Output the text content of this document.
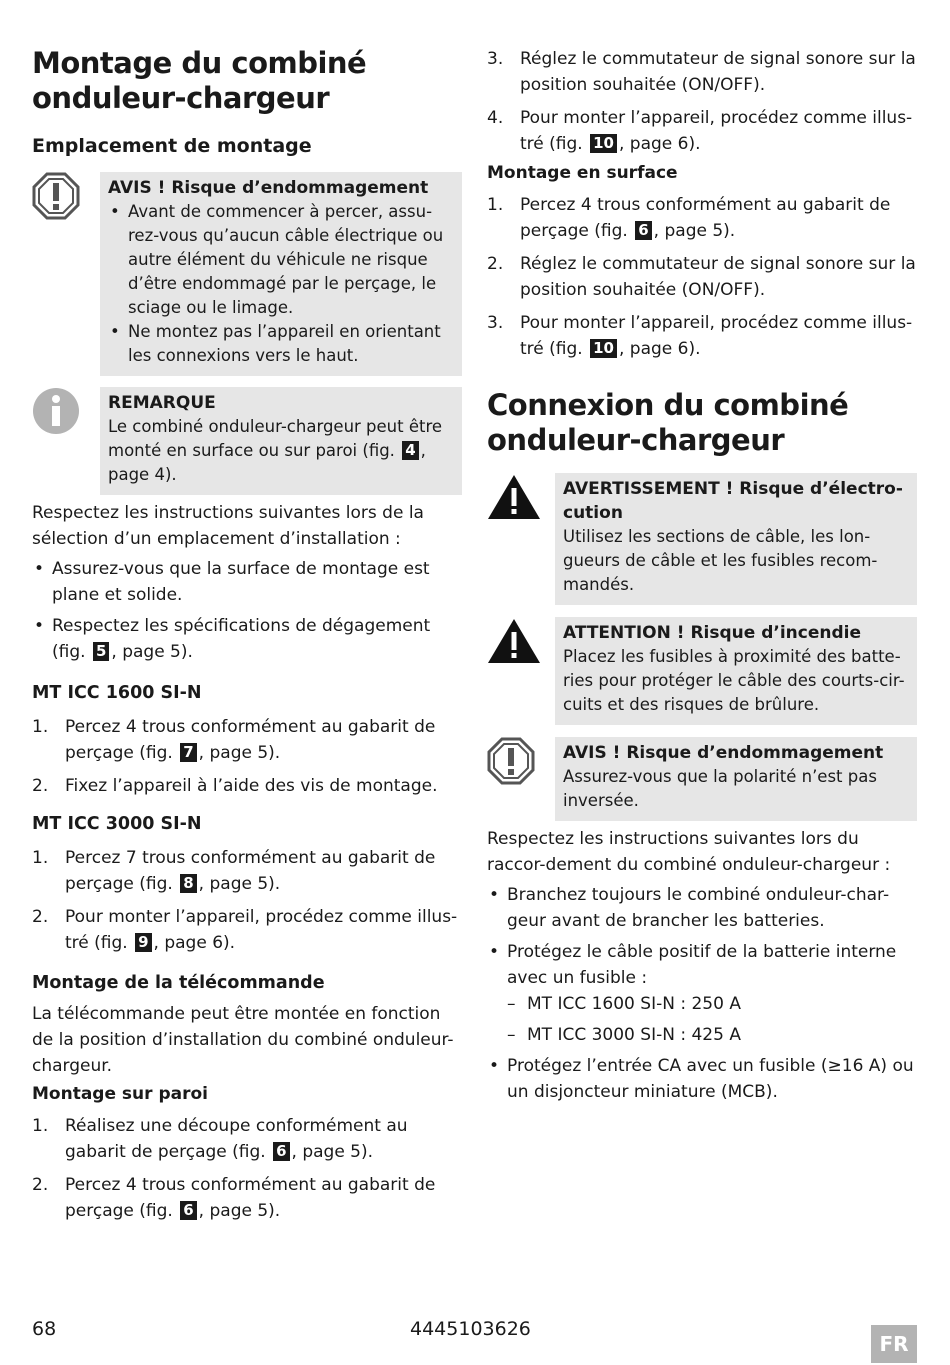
Montage du combiné onduleur-chargeur
Emplacement de montage
AVIS ! Risque d’endommagement
• Avant de commencer à percer, assu-rez-vous qu’aucun câble électrique ou autre élément du véhicule ne risque d’être endommagé par le perçage, le sciage ou le limage.
• Ne montez pas l’appareil en orientant les connexions vers le haut.
REMARQUE

Le combiné onduleur-chargeur peut être monté en surface ou sur paroi (fig. 4 , page 4).

Respectez les instructions suivantes lors de la sélection d’un emplacement d’installation :

• Assurez-vous que la surface de montage est plane et solide.
• Respectez les spécifications de dégagement (fig. 5 , page 5).
MT ICC 1600 SI-N
1. Percez 4 trous conformément au gabarit de perçage (fig. 7 , page 5).
2. Fixez l’appareil à l’aide des vis de montage.
MT ICC 3000 SI-N
1. Percez 7 trous conformément au gabarit de perçage (fig. 8 , page 5).
2. Pour monter l’appareil, procédez comme illus-tré (fig. 9 , page 6).
Montage de la télécommande

La télécommande peut être montée en fonction de la position d’installation du combiné onduleur-chargeur.

Montage sur paroi
1. Réalisez une découpe conformément au gabarit de perçage (fig. 6 , page 5).
2. Percez 4 trous conformément au gabarit de perçage (fig. 6 , page 5).
3. Réglez le commutateur de signal sonore sur la position souhaitée (ON/OFF).
4. Pour monter l’appareil, procédez comme illus-tré (fig. 10 , page 6).
Montage en surface
1. Percez 4 trous conformément au gabarit de perçage (fig. 6 , page 5).
2. Réglez le commutateur de signal sonore sur la position souhaitée (ON/OFF).
3. Pour monter l’appareil, procédez comme illus-tré (fig. 10 , page 6).
Connexion du combiné onduleur-chargeur
AVERTISSEMENT ! Risque d’électro-cution

Utilisez les sections de câble, les lon-gueurs de câble et les fusibles recom-mandés.

ATTENTION ! Risque d’incendie

Placez les fusibles à proximité des batte-ries pour protéger le câble des courts-cir-cuits et des risques de brûlure.

AVIS ! Risque d’endommagement

Assurez-vous que la polarité n’est pas inversée.

Respectez les instructions suivantes lors du raccor-dement du combiné onduleur-chargeur :

• Branchez toujours le combiné onduleur-char-geur avant de brancher les batteries.
• Protégez le câble positif de la batterie interne avec un fusible :
– MT ICC 1600 SI-N : 250 A
– MT ICC 3000 SI-N : 425 A
• Protégez l’entrée CA avec un fusible (≥16 A) ou un disjoncteur miniature (MCB).
68	4445103626
FR
